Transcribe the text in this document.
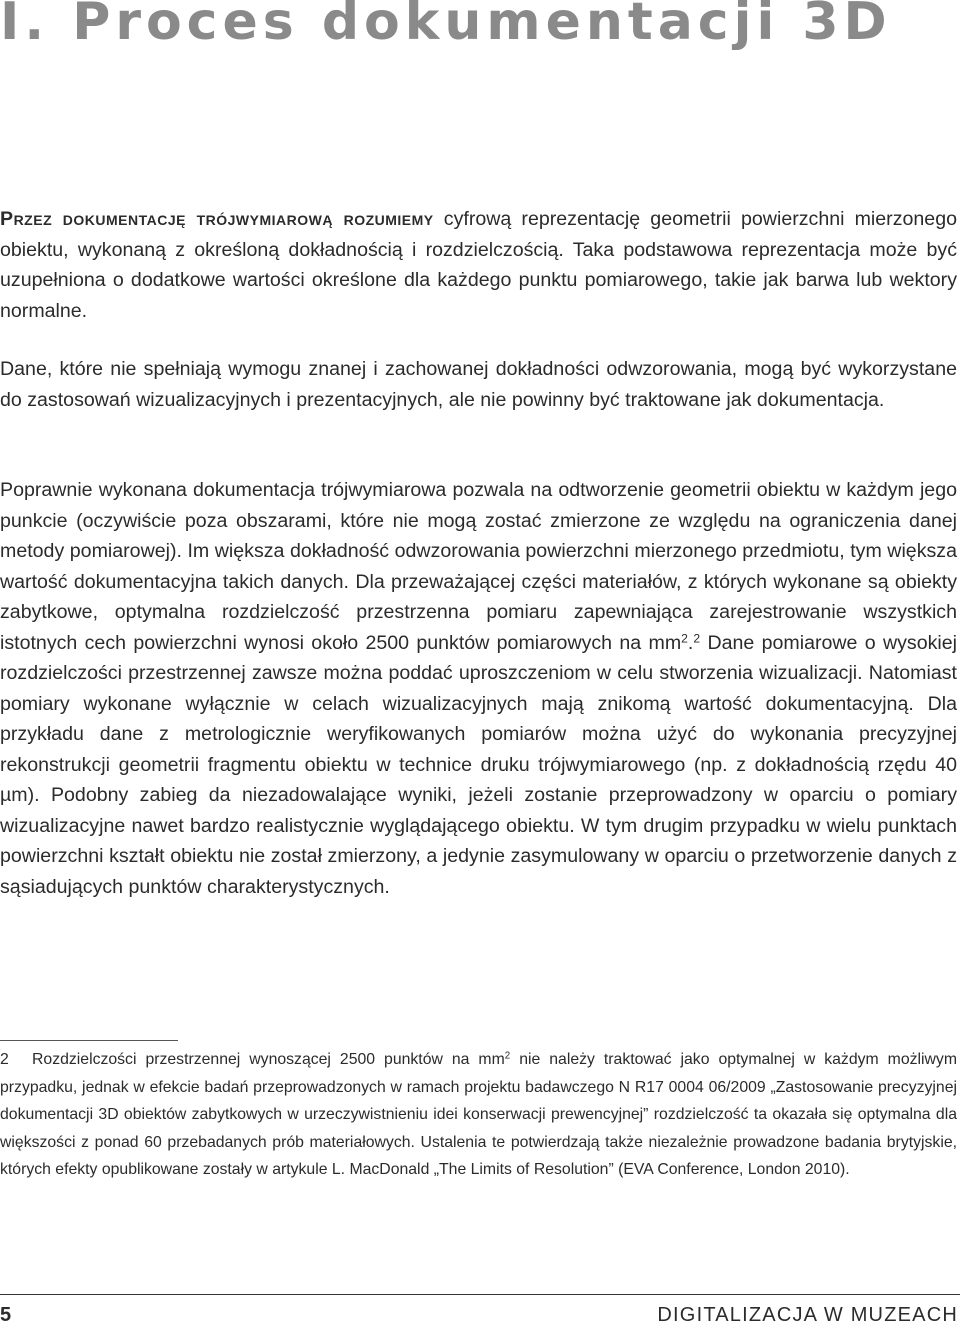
I. Proces dokumentacji 3D

Przez dokumentację trójwymiarową rozumiemy cyfrową reprezentację geometrii powierzchni mierzonego obiektu, wykonaną z określoną dokładnością i rozdzielczością. Taka podstawowa reprezentacja może być uzupełniona o dodatkowe wartości określone dla każdego punktu pomiarowego, takie jak barwa lub wektory normalne.

Dane, które nie spełniają wymogu znanej i zachowanej dokładności odwzorowania, mogą być wykorzystane do zastosowań wizualizacyjnych i prezentacyjnych, ale nie powinny być traktowane jak dokumentacja.

Poprawnie wykonana dokumentacja trójwymiarowa pozwala na odtworzenie geometrii obiektu w każdym jego punkcie (oczywiście poza obszarami, które nie mogą zostać zmierzone ze względu na ograniczenia danej metody pomiarowej). Im większa dokładność odwzorowania powierzchni mierzonego przedmiotu, tym większa wartość dokumentacyjna takich danych. Dla przeważającej części materiałów, z których wykonane są obiekty zabytkowe, optymalna rozdzielczość przestrzenna pomiaru zapewniająca zarejestrowanie wszystkich istotnych cech powierzchni wynosi około 2500 punktów pomiarowych na $mm^2.^2$ Dane pomiarowe o wysokiej rozdzielczości przestrzennej zawsze można poddać uproszczeniom w celu stworzenia wizualizacji. Natomiast pomiary wykonane wyłącznie w celach wizualizacyjnych mają znikomą wartość dokumentacyjną. Dla przykładu dane z metrologicznie weryfikowanych pomiarów można użyć do wykonania precyzyjnej rekonstrukcji geometrii fragmentu obiektu w technice druku trójwymiarowego (np. z dokładnością rzędu 40 µm). Podobny zabieg da niezadowalające wyniki, jeżeli zostanie przeprowadzony w oparciu o pomiary wizualizacyjne nawet bardzo realistycznie wyglądającego obiektu. W tym drugim przypadku w wielu punktach powierzchni kształt obiektu nie został zmierzony, a jedynie zasymulowany w oparciu o przetworzenie danych z sąsiadujących punktów charakterystycznych.

2 Rozdzielczości przestrzennej wynoszącej 2500 punktów na $mm^2$ nie należy traktować jako optymalnej w każdym możliwym przypadku, jednak w efekcie badań przeprowadzonych w ramach projektu badawczego N R17 0004 06/2009 „Zastosowanie precyzyjnej dokumentacji 3D obiektów zabytkowych w urzeczywistnieniu idei konserwacji prewencyjnej” rozdzielczość ta okazała się optymalna dla większości z ponad 60 przebadanych prób materiałowych. Ustalenia te potwierdzają także niezależnie prowadzone badania brytyjskie, których efekty opublikowane zostały w artykule L. MacDonald „The Limits of Resolution” (EVA Conference, London 2010).

5	DIGITALIZACJA W MUZEACH
